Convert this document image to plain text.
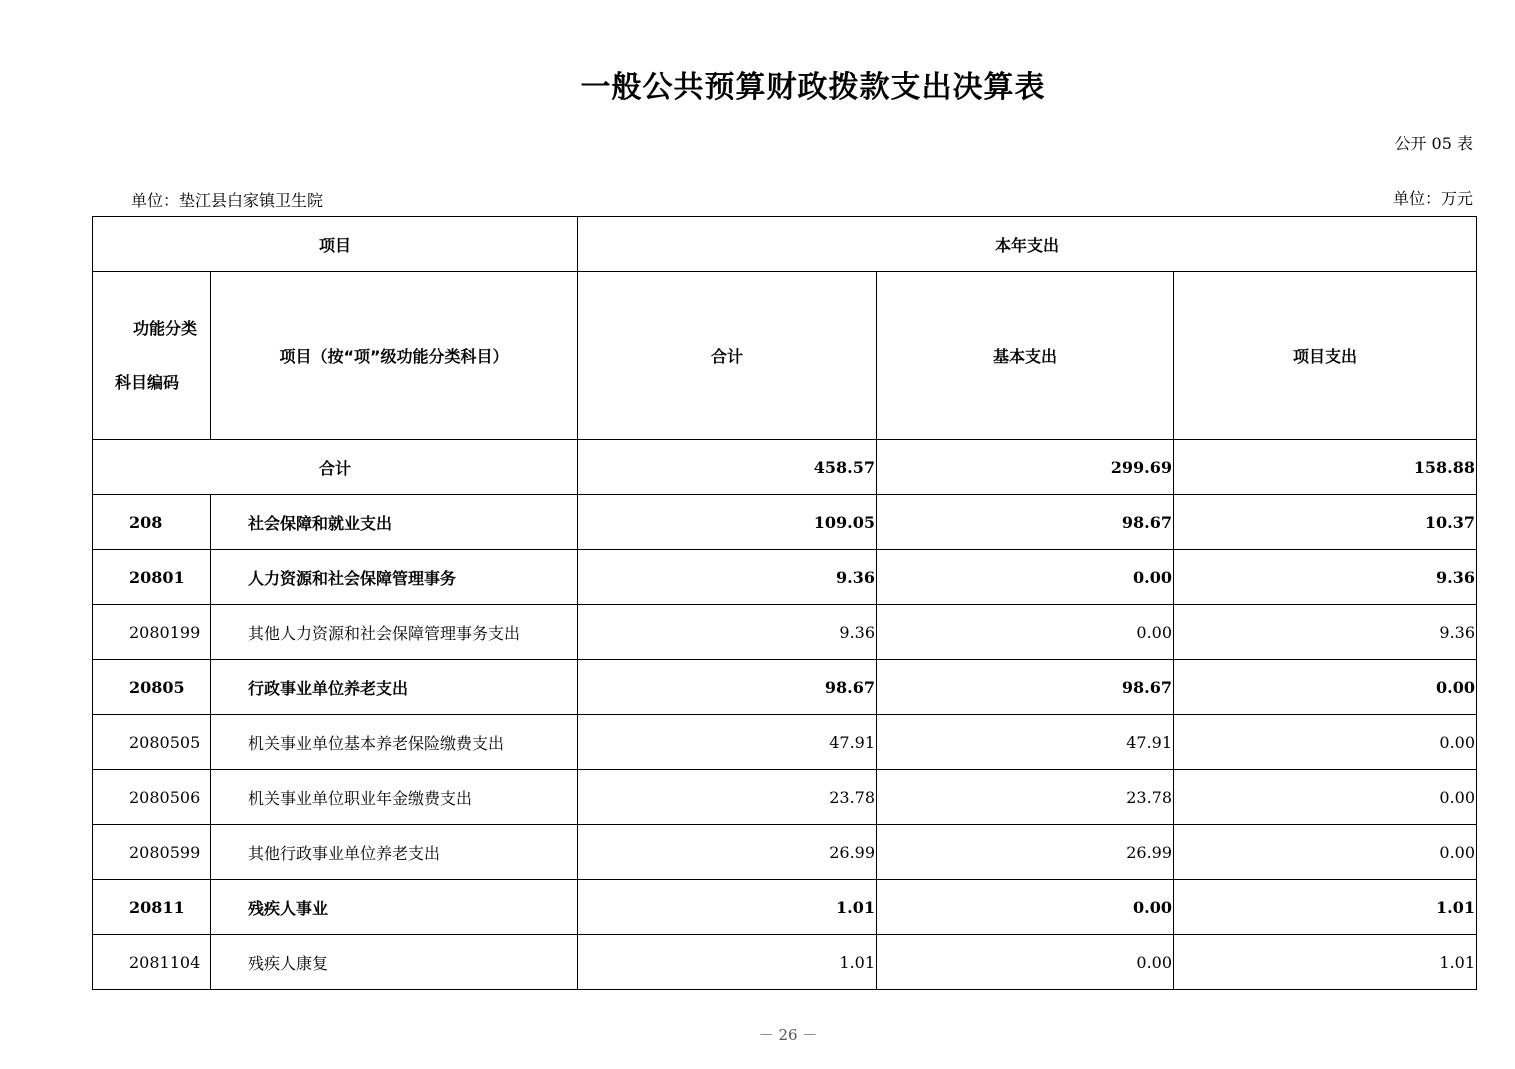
一般公共预算财政拨款支出决算表
公开 05 表
单位：垫江县白家镇卫生院	单位：万元
项目		本年支出		

功能分类
科目编码	项目（按“项”级功能分类科目）	合计	基本支出	项目支出
合计		458.57	299.69	158.88
208	社会保障和就业支出	109.05	98.67	10.37
20801	人力资源和社会保障管理事务	9.36	0.00	9.36
2080199	其他人力资源和社会保障管理事务支出	9.36	0.00	9.36
20805	行政事业单位养老支出	98.67	98.67	0.00
2080505	机关事业单位基本养老保险缴费支出	47.91	47.91	0.00
2080506	机关事业单位职业年金缴费支出	23.78	23.78	0.00
2080599	其他行政事业单位养老支出	26.99	26.99	0.00
20811	残疾人事业	1.01	0.00	1.01
2081104	残疾人康复	1.01	0.00	1.01
－ 26 －
